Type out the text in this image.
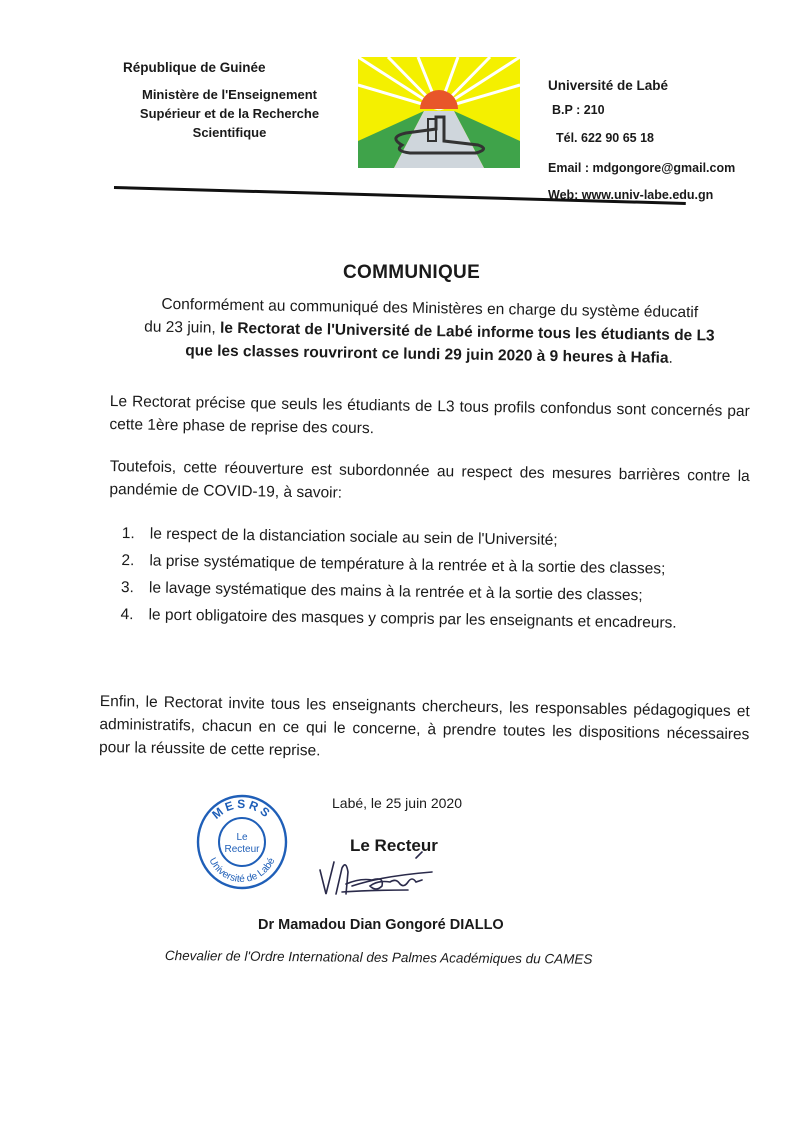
République de Guinée
Ministère de l'Enseignement
Supérieur et de la Recherche
Scientifique
Université de Labé
B.P : 210
Tél. 622 90 65 18
Email : mdgongore@gmail.com
Web: www.univ-labe.edu.gn
COMMUNIQUE
Conformément au communiqué des Ministères en charge du système éducatif
du 23 juin, le Rectorat de l'Université de Labé informe tous les étudiants de L3
que les classes rouvriront ce lundi 29 juin 2020 à 9 heures à Hafia.
Le Rectorat précise que seuls les étudiants de L3 tous profils confondus sont concernés par cette 1ère phase de reprise des cours.
Toutefois, cette réouverture est subordonnée au respect des mesures barrières contre la pandémie de COVID-19, à savoir:
1. le respect de la distanciation sociale au sein de l'Université;
2. la prise systématique de température à la rentrée et à la sortie des classes;
3. le lavage systématique des mains à la rentrée et à la sortie des classes;
4. le port obligatoire des masques y compris par les enseignants et encadreurs.
Enfin, le Rectorat invite tous les enseignants chercheurs, les responsables pédagogiques et administratifs, chacun en ce qui le concerne, à prendre toutes les dispositions nécessaires pour la réussite de cette reprise.
Labé, le 25 juin 2020
MESRS
Université de Labé
Le
Recteur	Le Recteur
Dr Mamadou Dian Gongoré DIALLO
Chevalier de l'Ordre International des Palmes Académiques du CAMES
